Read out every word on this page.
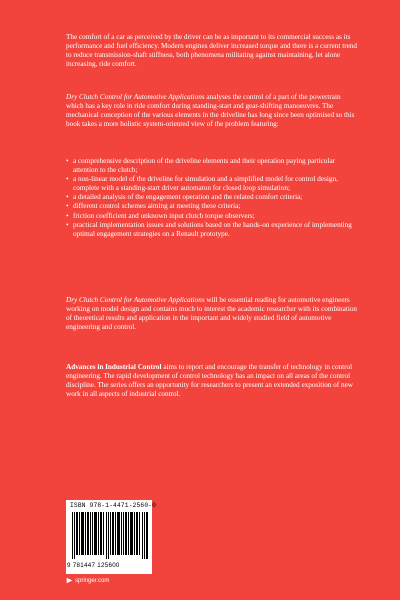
The comfort of a car as perceived by the driver can be as important to its commercial success as its performance and fuel efficiency. Modern engines deliver increased torque and there is a current trend to reduce transmission-shaft stiffness, both phenomena militating against maintaining, let alone increasing, ride comfort.

Dry Clutch Control for Automotive Applications analyses the control of a part of the powertrain which has a key role in ride comfort during standing-start and gear-shifting manoeuvres. The mechanical conception of the various elements in the driveline has long since been optimised so this book takes a more holistic system-oriented view of the problem featuring:

• a comprehensive description of the driveline elements and their operation paying particular attention to the clutch;
• a non-linear model of the driveline for simulation and a simplified model for control design, complete with a standing-start driver automaton for closed loop simulation;
• a detailed analysis of the engagement operation and the related comfort criteria;
• different control schemes aiming at meeting these criteria;
• friction coefficient and unknown input clutch torque observers;
• practical implementation issues and solutions based on the hands-on experience of implementing optimal engagement strategies on a Renault prototype.

Dry Clutch Control for Automotive Applications will be essential reading for automotive engineers working on model design and contains much to interest the academic researcher with its combination of theoretical results and application in the important and widely studied field of automotive engineering and control.

Advances in Industrial Control aims to report and encourage the transfer of technology in control engineering. The rapid development of control technology has an impact on all areas of the control discipline. The series offers an opportunity for researchers to present an extended exposition of new work in all aspects of industrial control.

ISBN 978-1-4471-2560-0
9 781447 125600
springer.com
